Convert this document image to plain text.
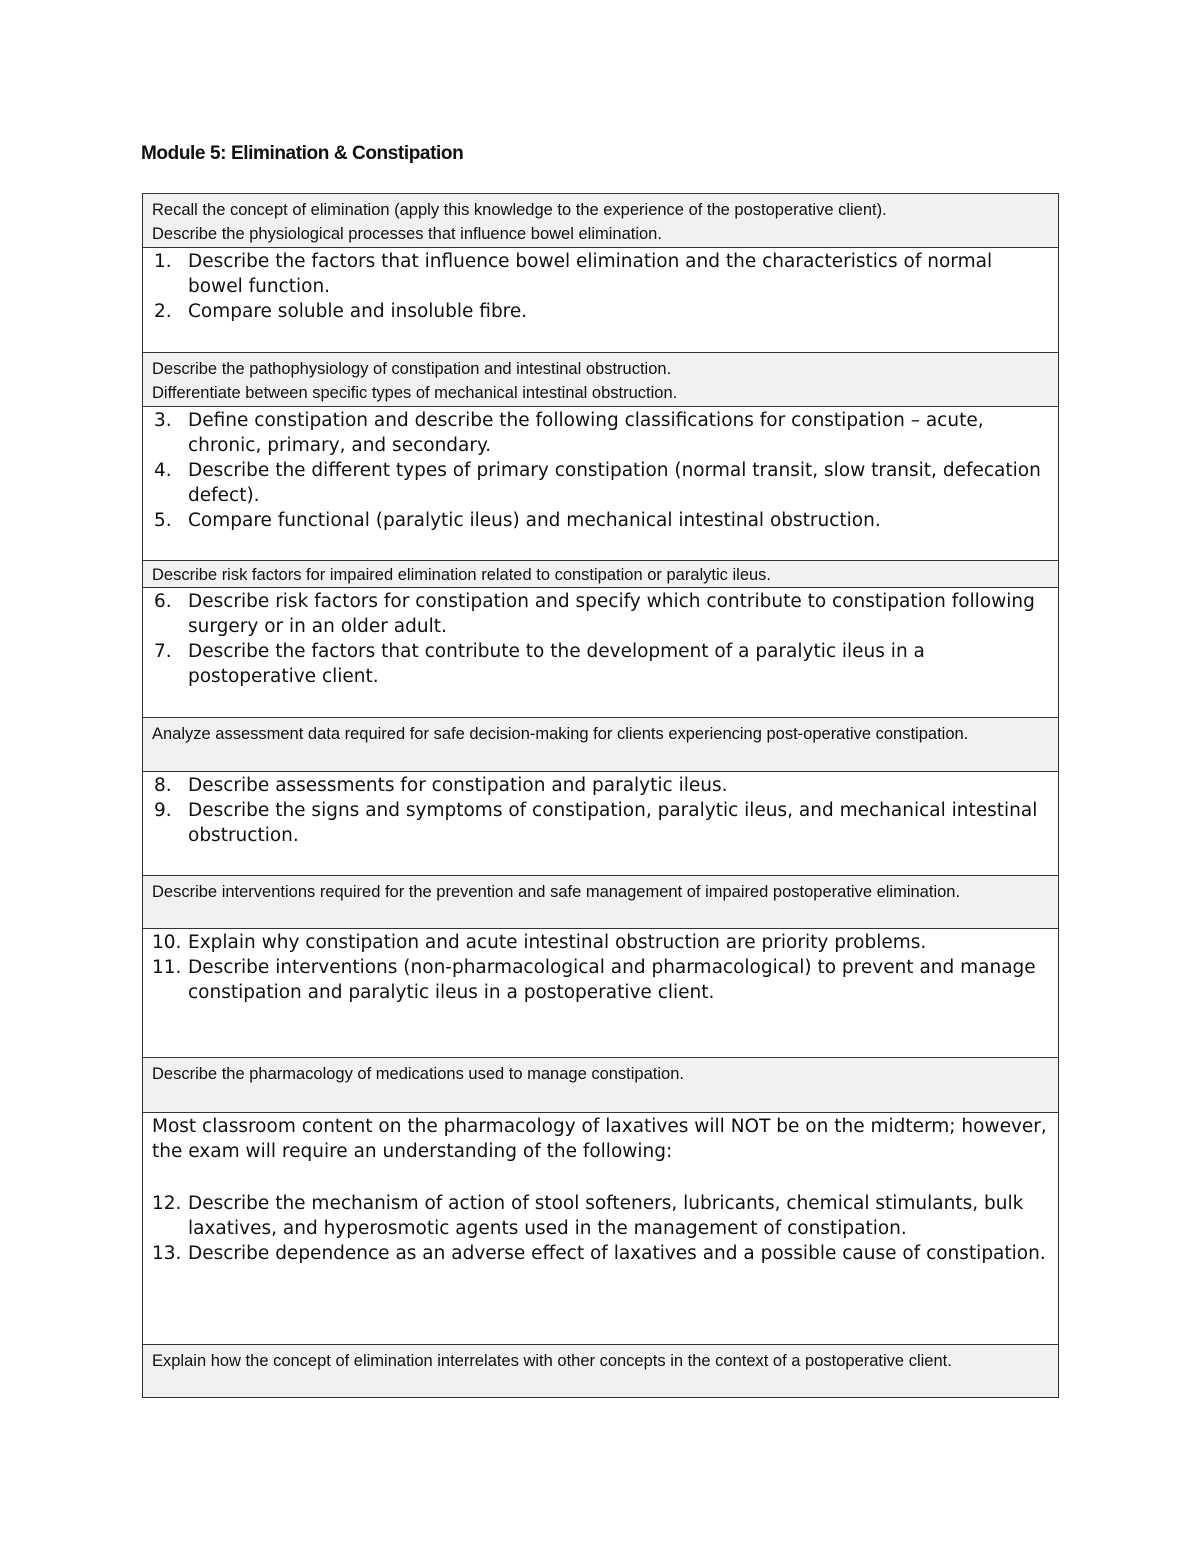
Module 5: Elimination & Constipation

Recall the concept of elimination (apply this knowledge to the experience of the postoperative client).

Describe the physiological processes that influence bowel elimination.

1. Describe the factors that influence bowel elimination and the characteristics of normal bowel function.
2. Compare soluble and insoluble fibre.

Describe the pathophysiology of constipation and intestinal obstruction.

Differentiate between specific types of mechanical intestinal obstruction.

3. Define constipation and describe the following classifications for constipation – acute, chronic, primary, and secondary.
4. Describe the different types of primary constipation (normal transit, slow transit, defecation defect).
5. Compare functional (paralytic ileus) and mechanical intestinal obstruction.

Describe risk factors for impaired elimination related to constipation or paralytic ileus.

6. Describe risk factors for constipation and specify which contribute to constipation following surgery or in an older adult.
7. Describe the factors that contribute to the development of a paralytic ileus in a postoperative client.

Analyze assessment data required for safe decision-making for clients experiencing post-operative constipation.

8. Describe assessments for constipation and paralytic ileus.
9. Describe the signs and symptoms of constipation, paralytic ileus, and mechanical intestinal obstruction.

Describe interventions required for the prevention and safe management of impaired postoperative elimination.

10. Explain why constipation and acute intestinal obstruction are priority problems.
11. Describe interventions (non-pharmacological and pharmacological) to prevent and manage constipation and paralytic ileus in a postoperative client.

Describe the pharmacology of medications used to manage constipation.

Most classroom content on the pharmacology of laxatives will NOT be on the midterm; however, the exam will require an understanding of the following:

12. Describe the mechanism of action of stool softeners, lubricants, chemical stimulants, bulk laxatives, and hyperosmotic agents used in the management of constipation.
13. Describe dependence as an adverse effect of laxatives and a possible cause of constipation.

Explain how the concept of elimination interrelates with other concepts in the context of a postoperative client.
